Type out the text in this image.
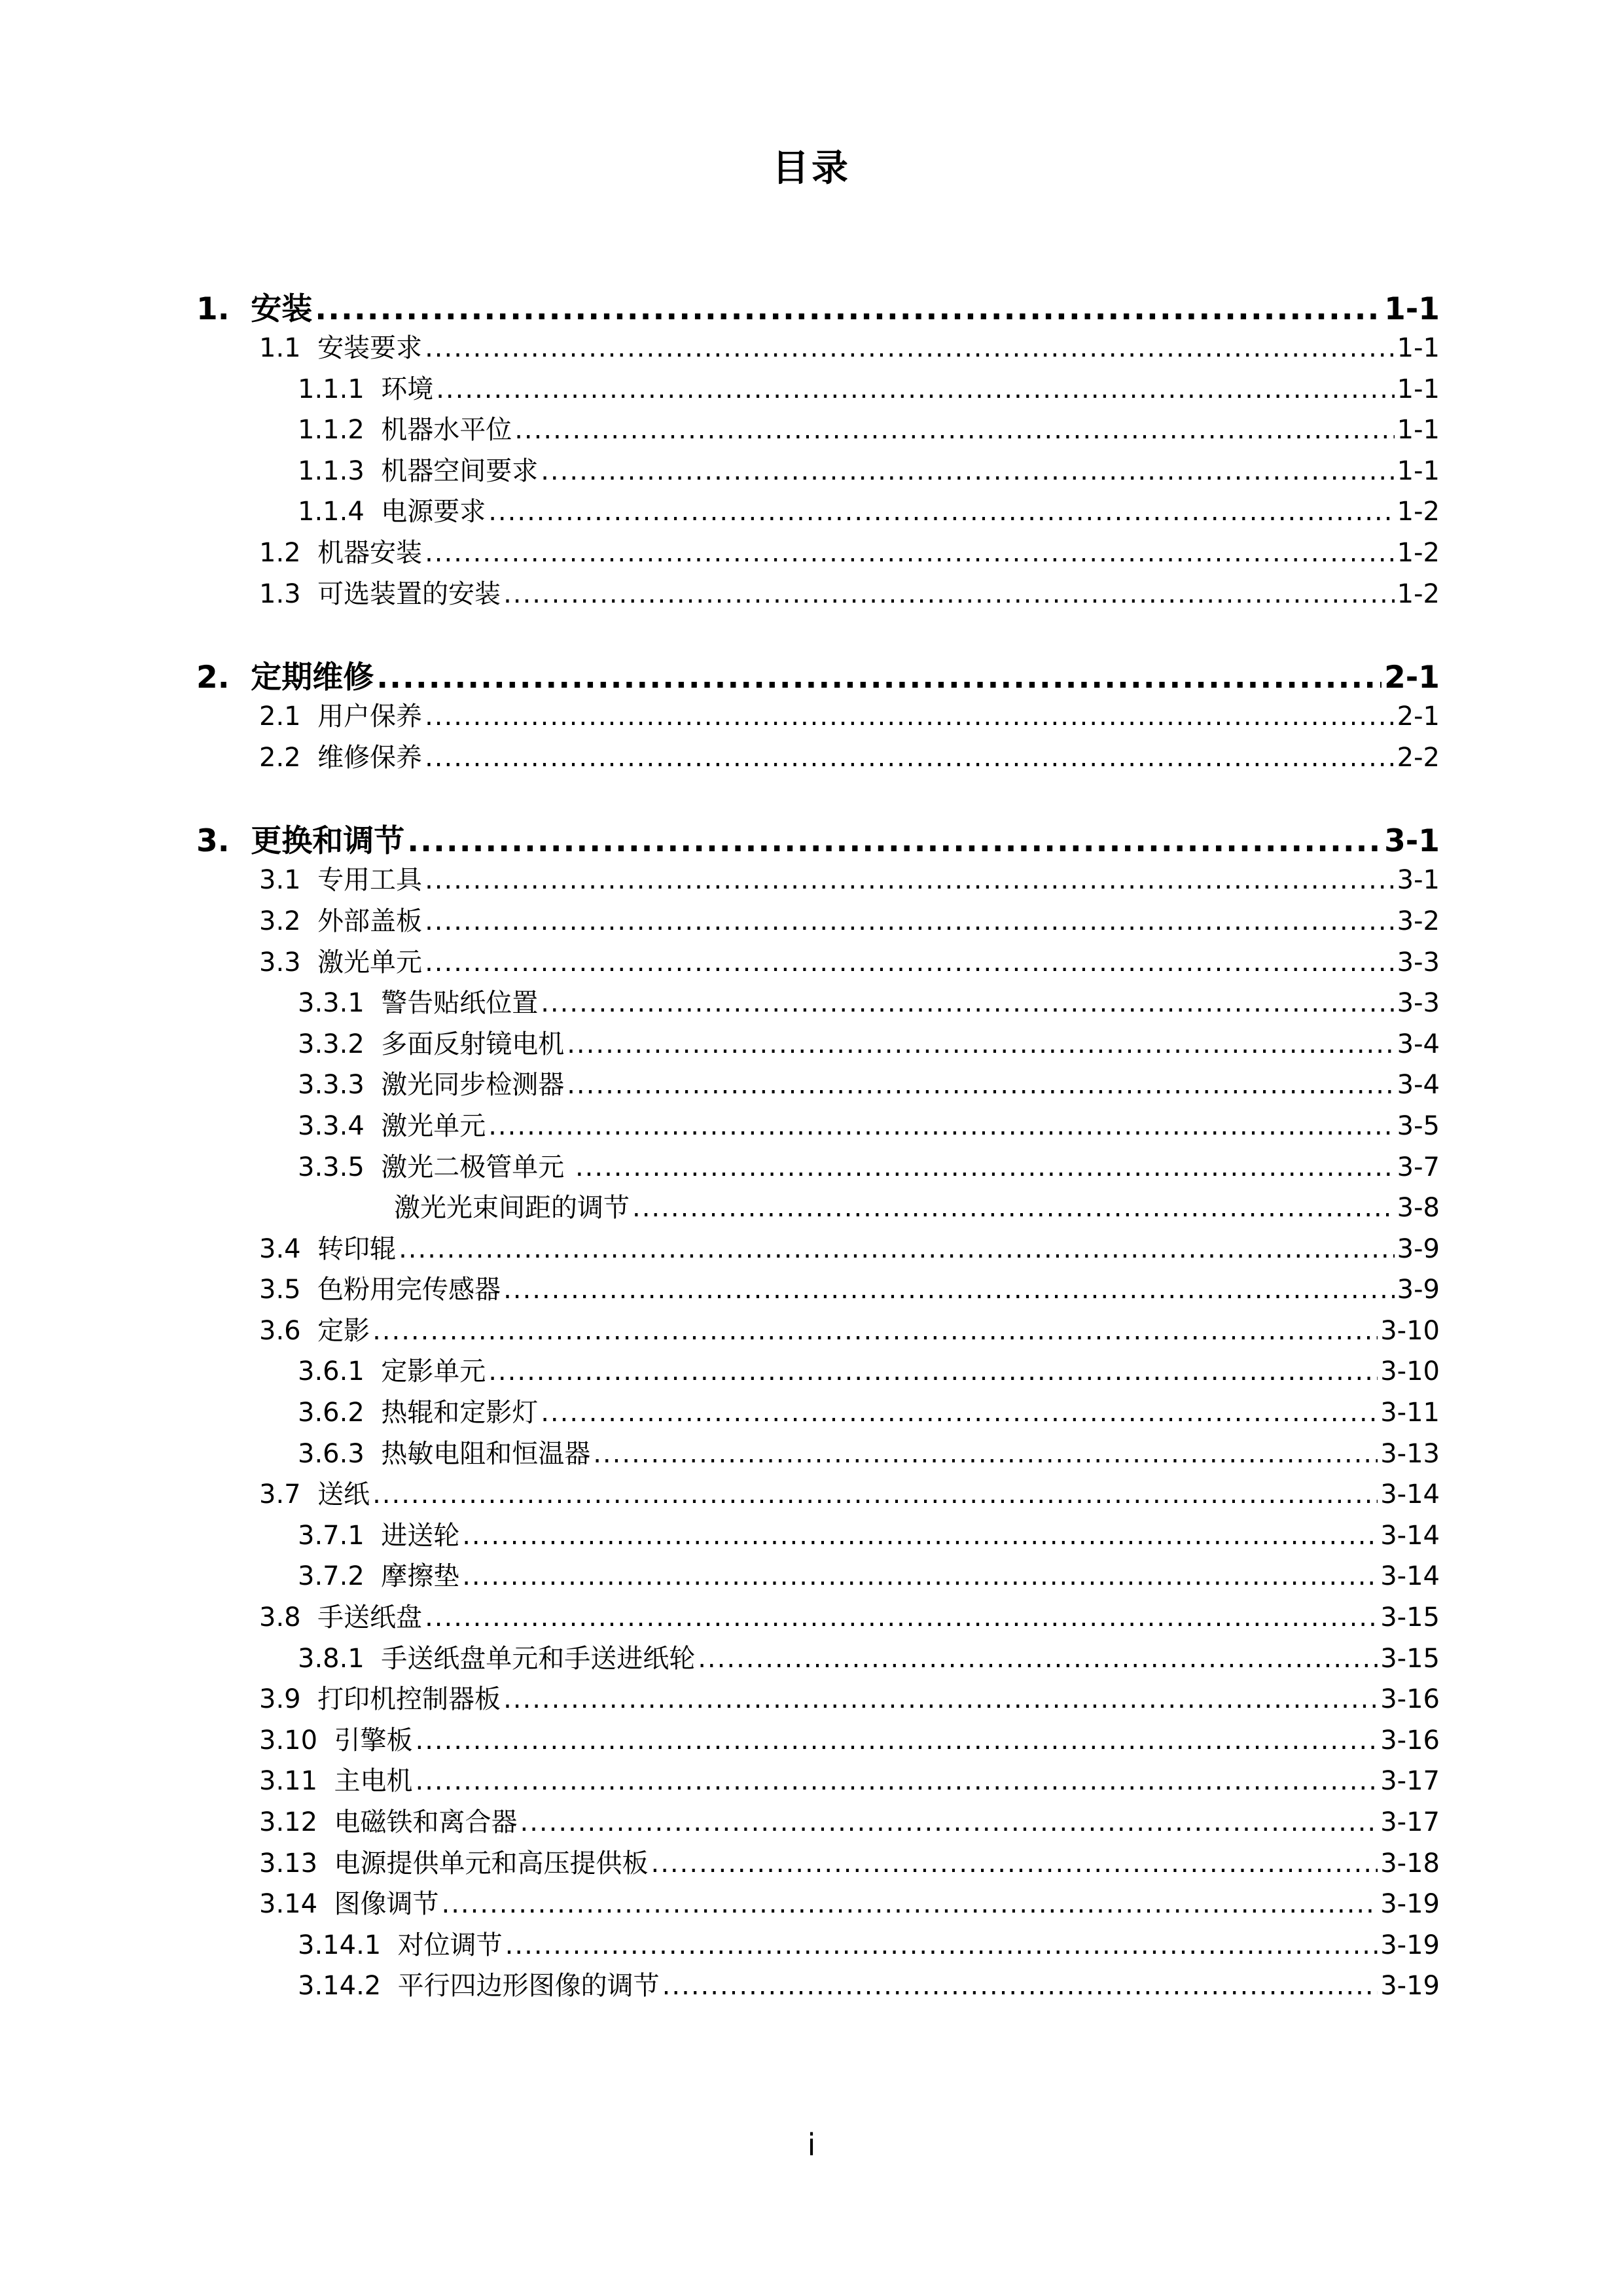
目录
1. 安装 .....	1-1
1.1 安装要求 .....	1-1
1.1.1 环境 .....	1-1
1.1.2 机器水平位 .....	1-1
1.1.3 机器空间要求 .....	1-1
1.1.4 电源要求 .....	1-2
1.2 机器安装 .....	1-2
1.3 可选装置的安装 .....	1-2
2. 定期维修 .....	2-1
2.1 用户保养 .....	2-1
2.2 维修保养 .....	2-2
3. 更换和调节 .....	3-1
3.1 专用工具 .....	3-1
3.2 外部盖板 .....	3-2
3.3 激光单元 .....	3-3
3.3.1 警告贴纸位置 .....	3-3
3.3.2 多面反射镜电机 .....	3-4
3.3.3 激光同步检测器 .....	3-4
3.3.4 激光单元 .....	3-5
3.3.5 激光二极管单元 .....	3-7
激光光束间距的调节 .....	3-8
3.4 转印辊 .....	3-9
3.5 色粉用完传感器 .....	3-9
3.6 定影 .....	3-10
3.6.1 定影单元 .....	3-10
3.6.2 热辊和定影灯 .....	3-11
3.6.3 热敏电阻和恒温器 .....	3-13
3.7 送纸 .....	3-14
3.7.1 进送轮 .....	3-14
3.7.2 摩擦垫 .....	3-14
3.8 手送纸盘 .....	3-15
3.8.1 手送纸盘单元和手送进纸轮 .....	3-15
3.9 打印机控制器板 .....	3-16
3.10 引擎板 .....	3-16
3.11 主电机 .....	3-17
3.12 电磁铁和离合器 .....	3-17
3.13 电源提供单元和高压提供板 .....	3-18
3.14 图像调节 .....	3-19
3.14.1 对位调节 .....	3-19
3.14.2 平行四边形图像的调节 .....	3-19
i
